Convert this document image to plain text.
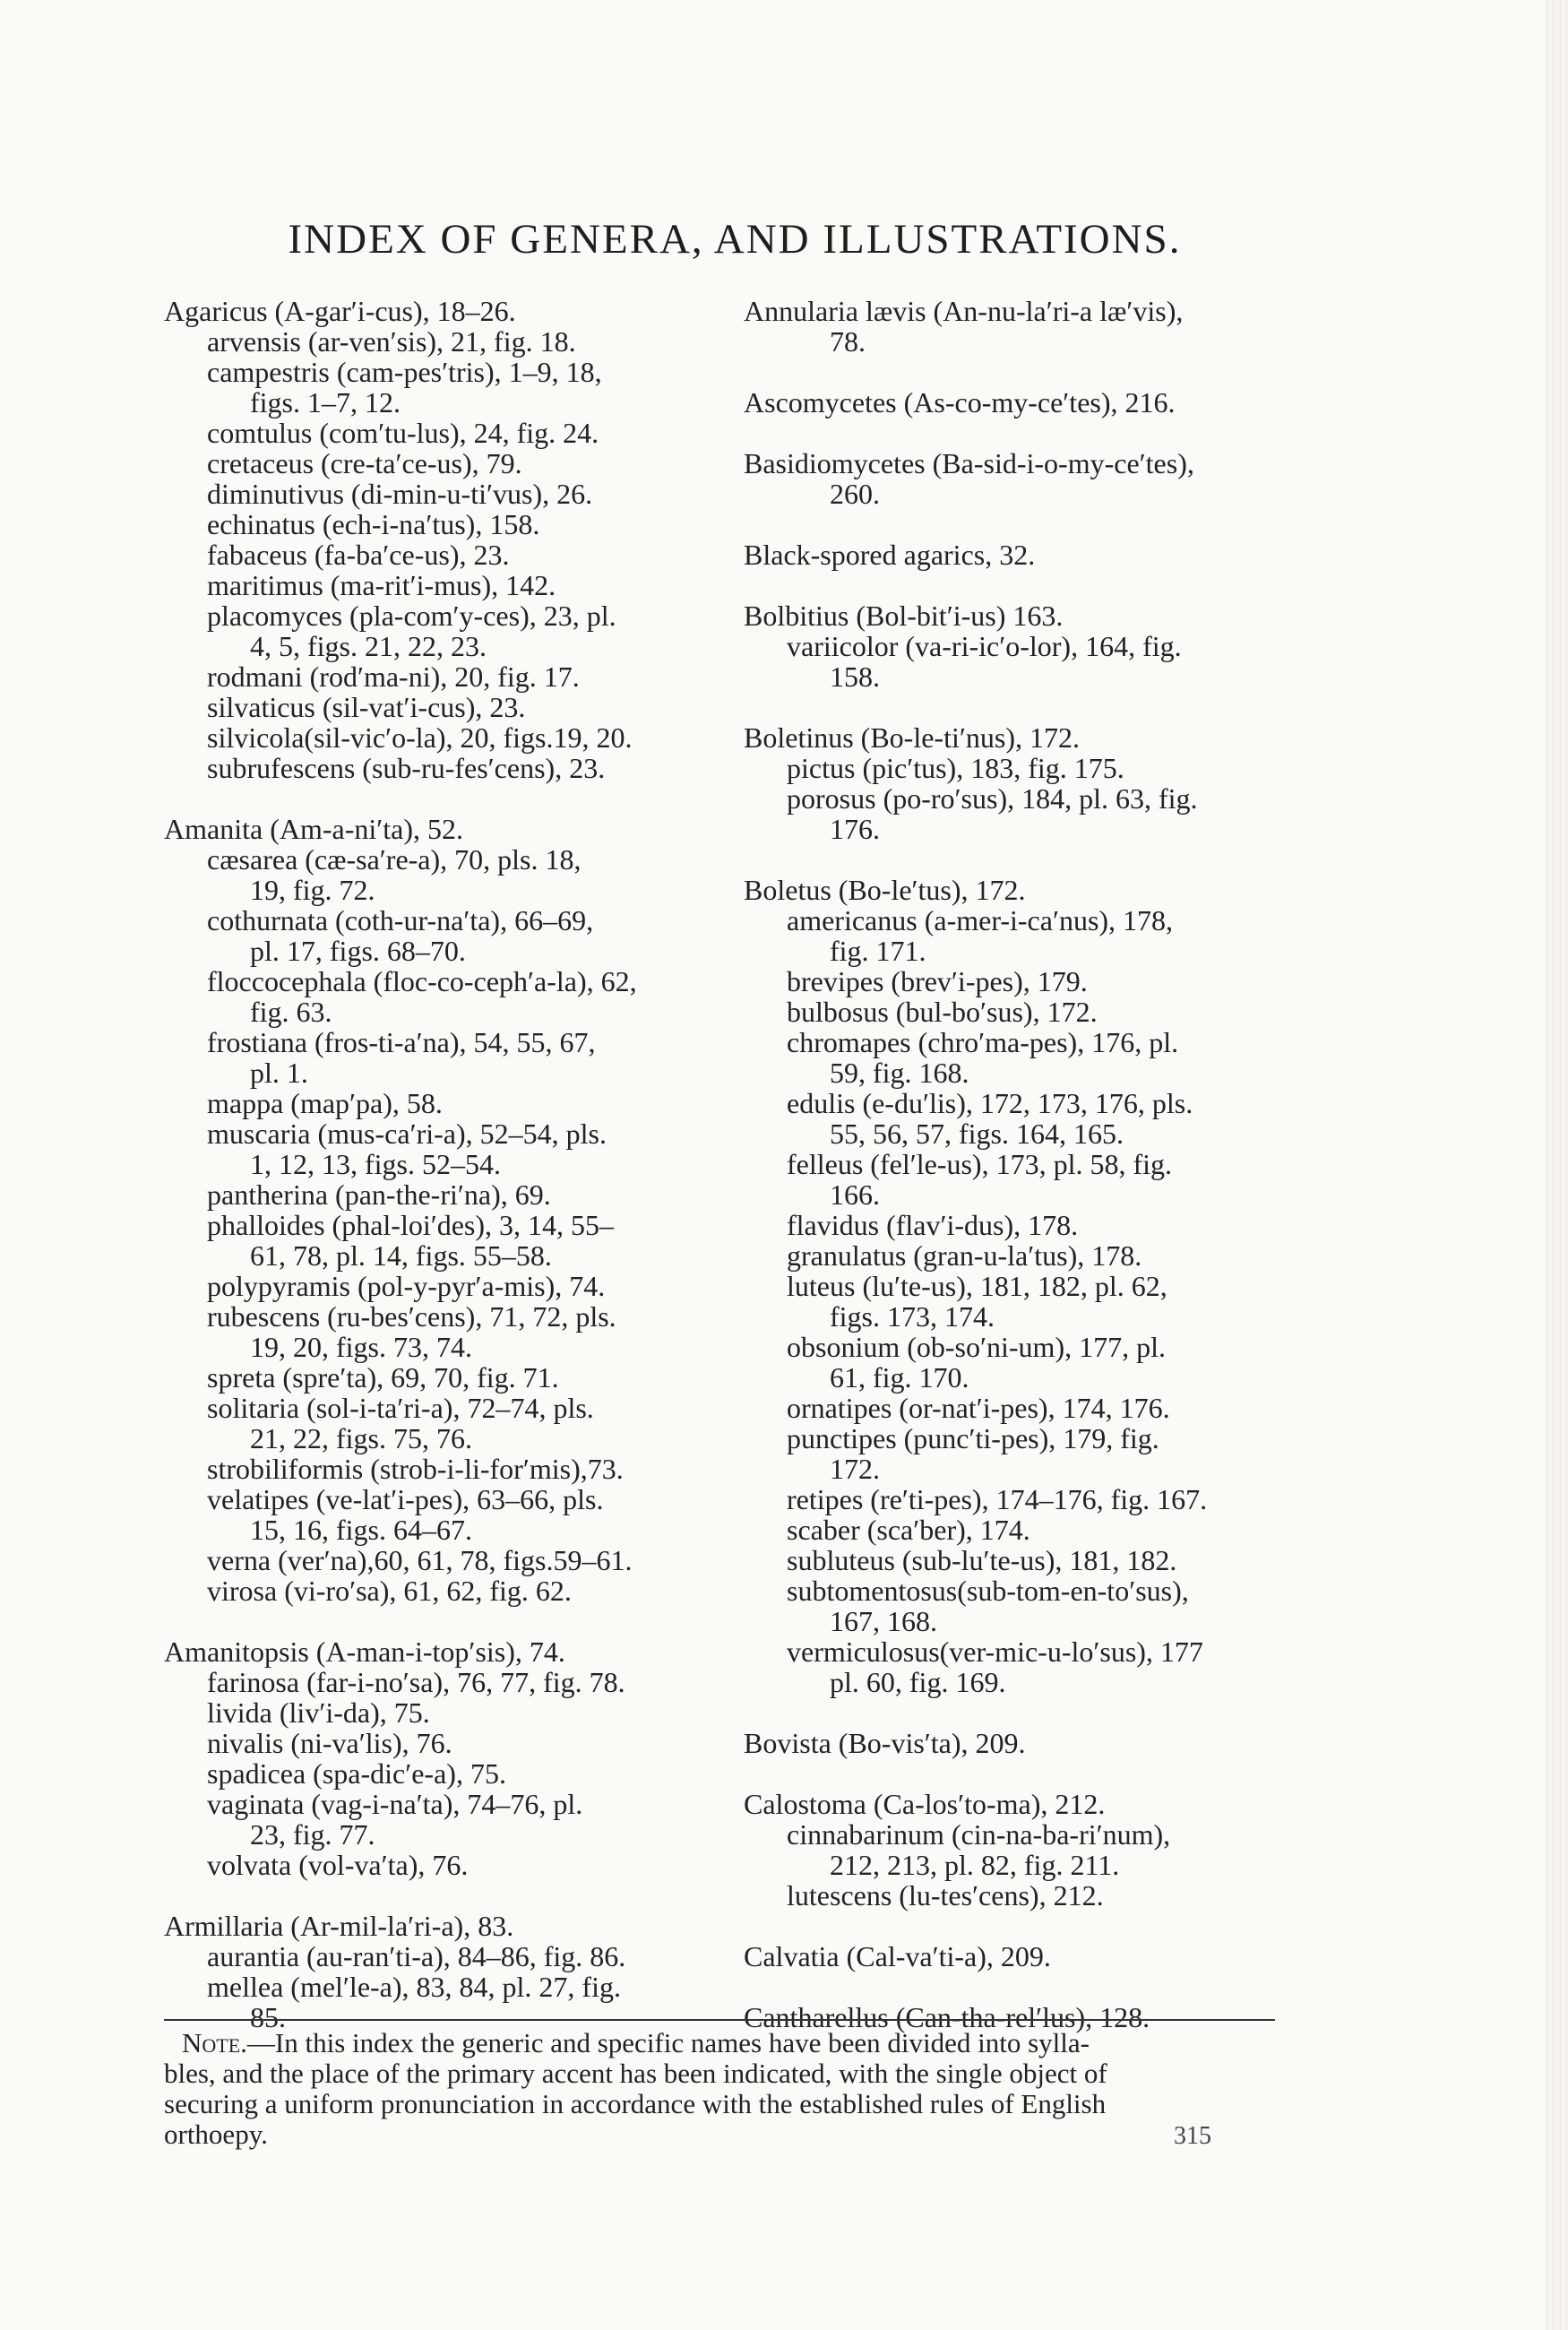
INDEX OF GENERA, AND ILLUSTRATIONS.
Agaricus (A-gar′i-cus), 18–26.
arvensis (ar-ven′sis), 21, fig. 18.
campestris (cam-pes′tris), 1–9, 18,
figs. 1–7, 12.
comtulus (com′tu-lus), 24, fig. 24.
cretaceus (cre-ta′ce-us), 79.
diminutivus (di-min-u-ti′vus), 26.
echinatus (ech-i-na′tus), 158.
fabaceus (fa-ba′ce-us), 23.
maritimus (ma-rit′i-mus), 142.
placomyces (pla-com′y-ces), 23, pl.
4, 5, figs. 21, 22, 23.
rodmani (rod′ma-ni), 20, fig. 17.
silvaticus (sil-vat′i-cus), 23.
silvicola(sil-vic′o-la), 20, figs.19, 20.
subrufescens (sub-ru-fes′cens), 23.
Amanita (Am-a-ni′ta), 52.
cæsarea (cæ-sa′re-a), 70, pls. 18,
19, fig. 72.
cothurnata (coth-ur-na′ta), 66–69,
pl. 17, figs. 68–70.
floccocephala (floc-co-ceph′a-la), 62,
fig. 63.
frostiana (fros-ti-a′na), 54, 55, 67,
pl. 1.
mappa (map′pa), 58.
muscaria (mus-ca′ri-a), 52–54, pls.
1, 12, 13, figs. 52–54.
pantherina (pan-the-ri′na), 69.
phalloides (phal-loi′des), 3, 14, 55–
61, 78, pl. 14, figs. 55–58.
polypyramis (pol-y-pyr′a-mis), 74.
rubescens (ru-bes′cens), 71, 72, pls.
19, 20, figs. 73, 74.
spreta (spre′ta), 69, 70, fig. 71.
solitaria (sol-i-ta′ri-a), 72–74, pls.
21, 22, figs. 75, 76.
strobiliformis (strob-i-li-for′mis),73.
velatipes (ve-lat′i-pes), 63–66, pls.
15, 16, figs. 64–67.
verna (ver′na),60, 61, 78, figs.59–61.
virosa (vi-ro′sa), 61, 62, fig. 62.
Amanitopsis (A-man-i-top′sis), 74.
farinosa (far-i-no′sa), 76, 77, fig. 78.
livida (liv′i-da), 75.
nivalis (ni-va′lis), 76.
spadicea (spa-dic′e-a), 75.
vaginata (vag-i-na′ta), 74–76, pl.
23, fig. 77.
volvata (vol-va′ta), 76.
Armillaria (Ar-mil-la′ri-a), 83.
aurantia (au-ran′ti-a), 84–86, fig. 86.
mellea (mel′le-a), 83, 84, pl. 27, fig.
85.
Annularia lævis (An-nu-la′ri-a læ′vis),
78.
Ascomycetes (As-co-my-ce′tes), 216.
Basidiomycetes (Ba-sid-i-o-my-ce′tes),
260.
Black-spored agarics, 32.
Bolbitius (Bol-bit′i-us) 163.
variicolor (va-ri-ic′o-lor), 164, fig.
158.
Boletinus (Bo-le-ti′nus), 172.
pictus (pic′tus), 183, fig. 175.
porosus (po-ro′sus), 184, pl. 63, fig.
176.
Boletus (Bo-le′tus), 172.
americanus (a-mer-i-ca′nus), 178,
fig. 171.
brevipes (brev′i-pes), 179.
bulbosus (bul-bo′sus), 172.
chromapes (chro′ma-pes), 176, pl.
59, fig. 168.
edulis (e-du′lis), 172, 173, 176, pls.
55, 56, 57, figs. 164, 165.
felleus (fel′le-us), 173, pl. 58, fig.
166.
flavidus (flav′i-dus), 178.
granulatus (gran-u-la′tus), 178.
luteus (lu′te-us), 181, 182, pl. 62,
figs. 173, 174.
obsonium (ob-so′ni-um), 177, pl.
61, fig. 170.
ornatipes (or-nat′i-pes), 174, 176.
punctipes (punc′ti-pes), 179, fig.
172.
retipes (re′ti-pes), 174–176, fig. 167.
scaber (sca′ber), 174.
subluteus (sub-lu′te-us), 181, 182.
subtomentosus(sub-tom-en-to′sus),
167, 168.
vermiculosus(ver-mic-u-lo′sus), 177
pl. 60, fig. 169.
Bovista (Bo-vis′ta), 209.
Calostoma (Ca-los′to-ma), 212.
cinnabarinum (cin-na-ba-ri′num),
212, 213, pl. 82, fig. 211.
lutescens (lu-tes′cens), 212.
Calvatia (Cal-va′ti-a), 209.
Cantharellus (Can-tha-rel′lus), 128.
Note.—In this index the generic and specific names have been divided into sylla-
bles, and the place of the primary accent has been indicated, with the single object of
securing a uniform pronunciation in accordance with the established rules of English
orthoepy.	315
